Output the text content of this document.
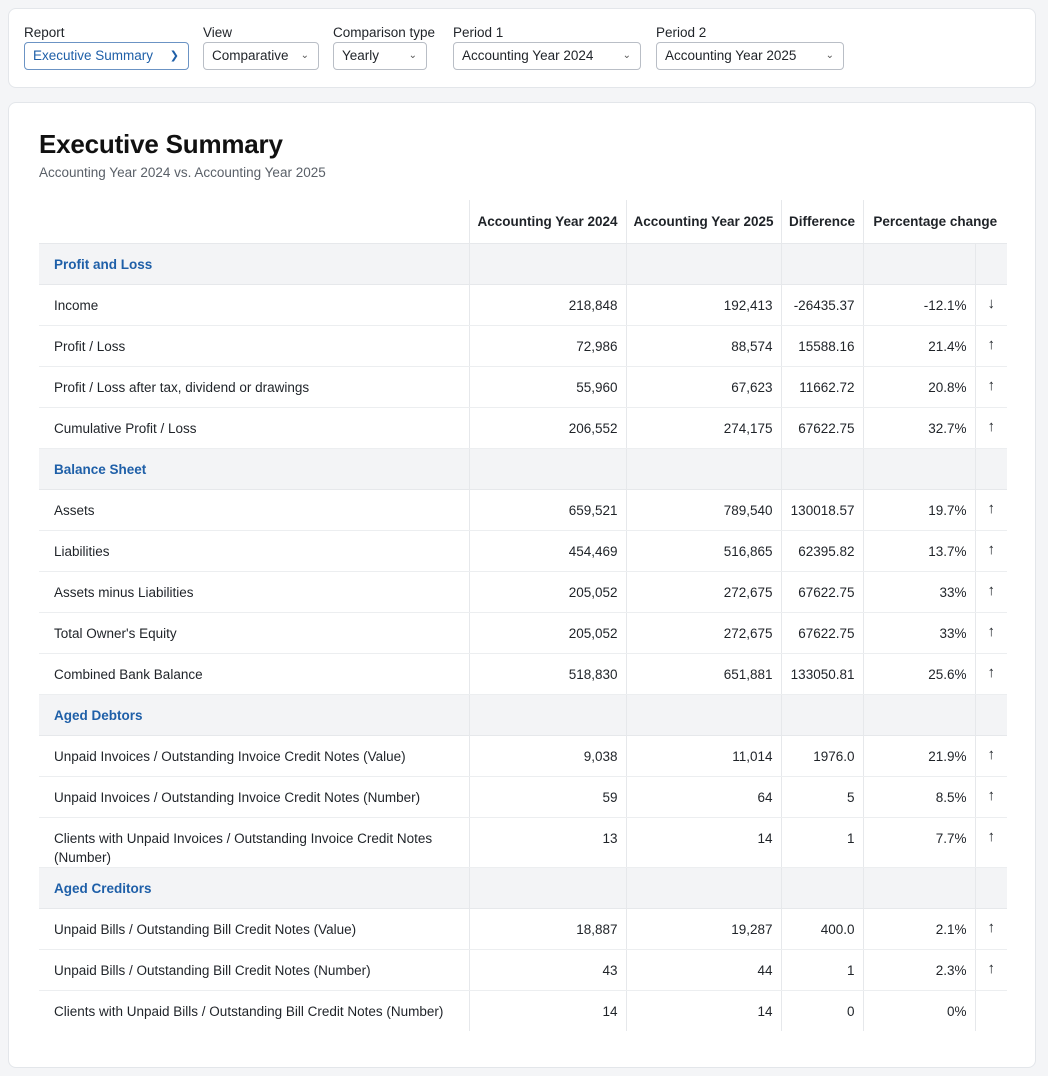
Report
Executive Summary ❯
View
Comparative ⌄
Comparison type
Yearly	⌄
Period 1
Accounting Year 2024	⌄
Period 2
Accounting Year 2025	⌄
Executive Summary
Accounting Year 2024 vs. Accounting Year 2025
	Accounting Year 2024	Accounting Year 2025	Difference	Percentage change	
Profit and Loss					
Income	218,848	192,413	-26435.37	-12.1%	↓
Profit / Loss	72,986	88,574	15588.16	21.4%	↑
Profit / Loss after tax, dividend or drawings	55,960	67,623	11662.72	20.8%	↑
Cumulative Profit / Loss	206,552	274,175	67622.75	32.7%	↑
Balance Sheet					
Assets	659,521	789,540	130018.57	19.7%	↑
Liabilities	454,469	516,865	62395.82	13.7%	↑
Assets minus Liabilities	205,052	272,675	67622.75	33%	↑
Total Owner's Equity	205,052	272,675	67622.75	33%	↑
Combined Bank Balance	518,830	651,881	133050.81	25.6%	↑
Aged Debtors					
Unpaid Invoices / Outstanding Invoice Credit Notes (Value)	9,038	11,014	1976.0	21.9%	↑
Unpaid Invoices / Outstanding Invoice Credit Notes (Number)	59	64	5	8.5%	↑
Clients with Unpaid Invoices / Outstanding Invoice Credit Notes (Number)	13	14	1	7.7%	↑
Aged Creditors					
Unpaid Bills / Outstanding Bill Credit Notes (Value)	18,887	19,287	400.0	2.1%	↑
Unpaid Bills / Outstanding Bill Credit Notes (Number)	43	44	1	2.3%	↑
Clients with Unpaid Bills / Outstanding Bill Credit Notes (Number)	14	14	0	0%	
